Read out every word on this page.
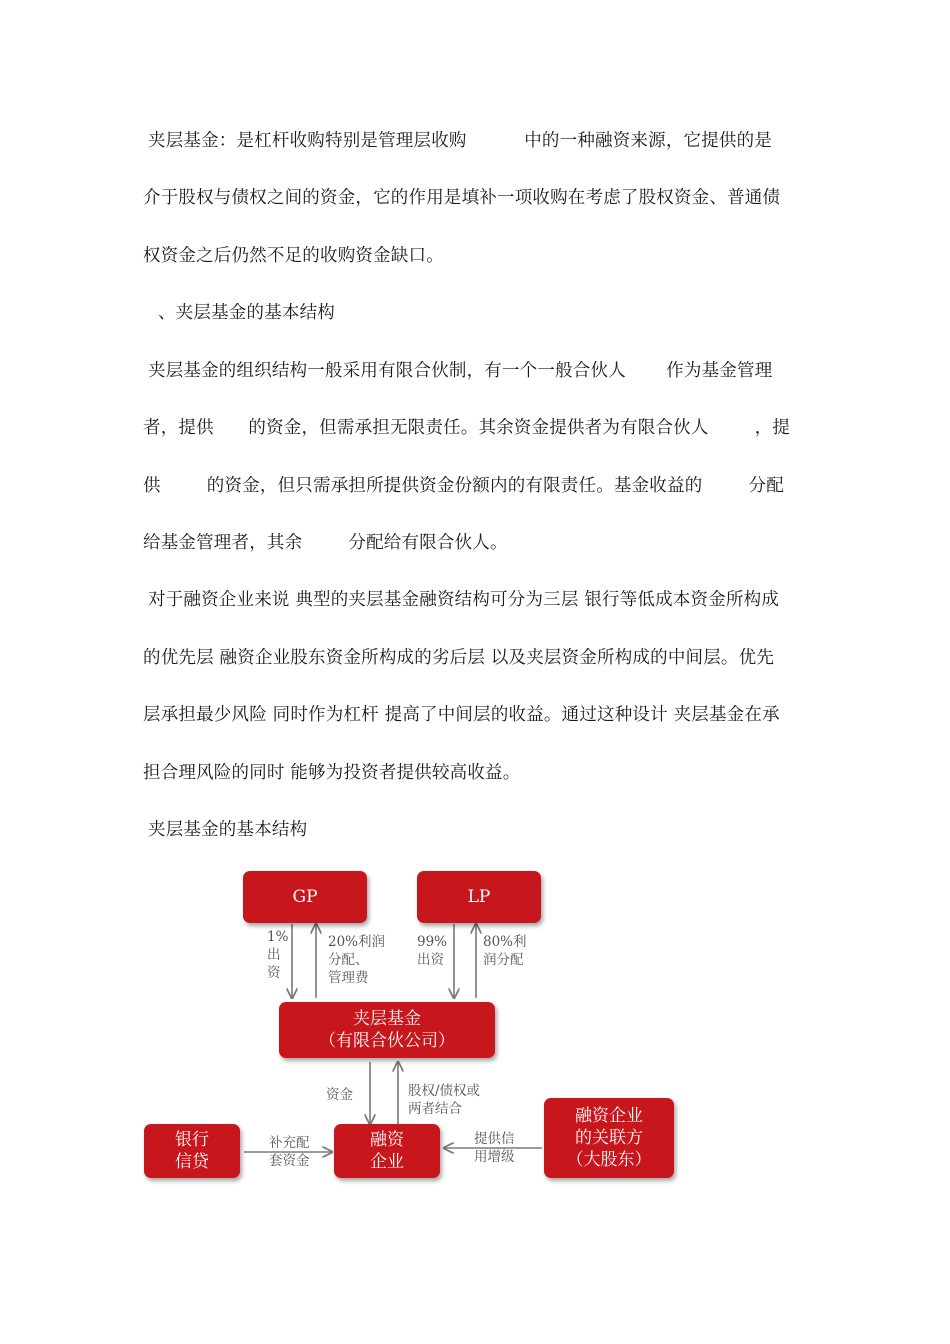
夹层基金：是杠杆收购特别是管理层收购          中的一种融资来源，它提供的是
介于股权与债权之间的资金，它的作用是填补一项收购在考虑了股权资金、普通债
权资金之后仍然不足的收购资金缺口。
、夹层基金的基本结构
夹层基金的组织结构一般采用有限合伙制，有一个一般合伙人       作为基金管理
者，提供      的资金，但需承担无限责任。其余资金提供者为有限合伙人        ，提
供        的资金，但只需承担所提供资金份额内的有限责任。基金收益的        分配
给基金管理者，其余        分配给有限合伙人。
对于融资企业来说 典型的夹层基金融资结构可分为三层 银行等低成本资金所构成
的优先层 融资企业股东资金所构成的劣后层 以及夹层资金所构成的中间层。优先
层承担最少风险 同时作为杠杆 提高了中间层的收益。通过这种设计 夹层基金在承
担合理风险的同时 能够为投资者提供较高收益。
夹层基金的基本结构
GP	LP
夹层基金
（有限合伙公司）
银行
信贷
融资
企业
融资企业
的关联方
（大股东）
1%
出
资
20%利润
分配、
管理费
99%
出资
80%利
润分配
资金	股权/债权或
两者结合
补充配
套资金
提供信
用增级
